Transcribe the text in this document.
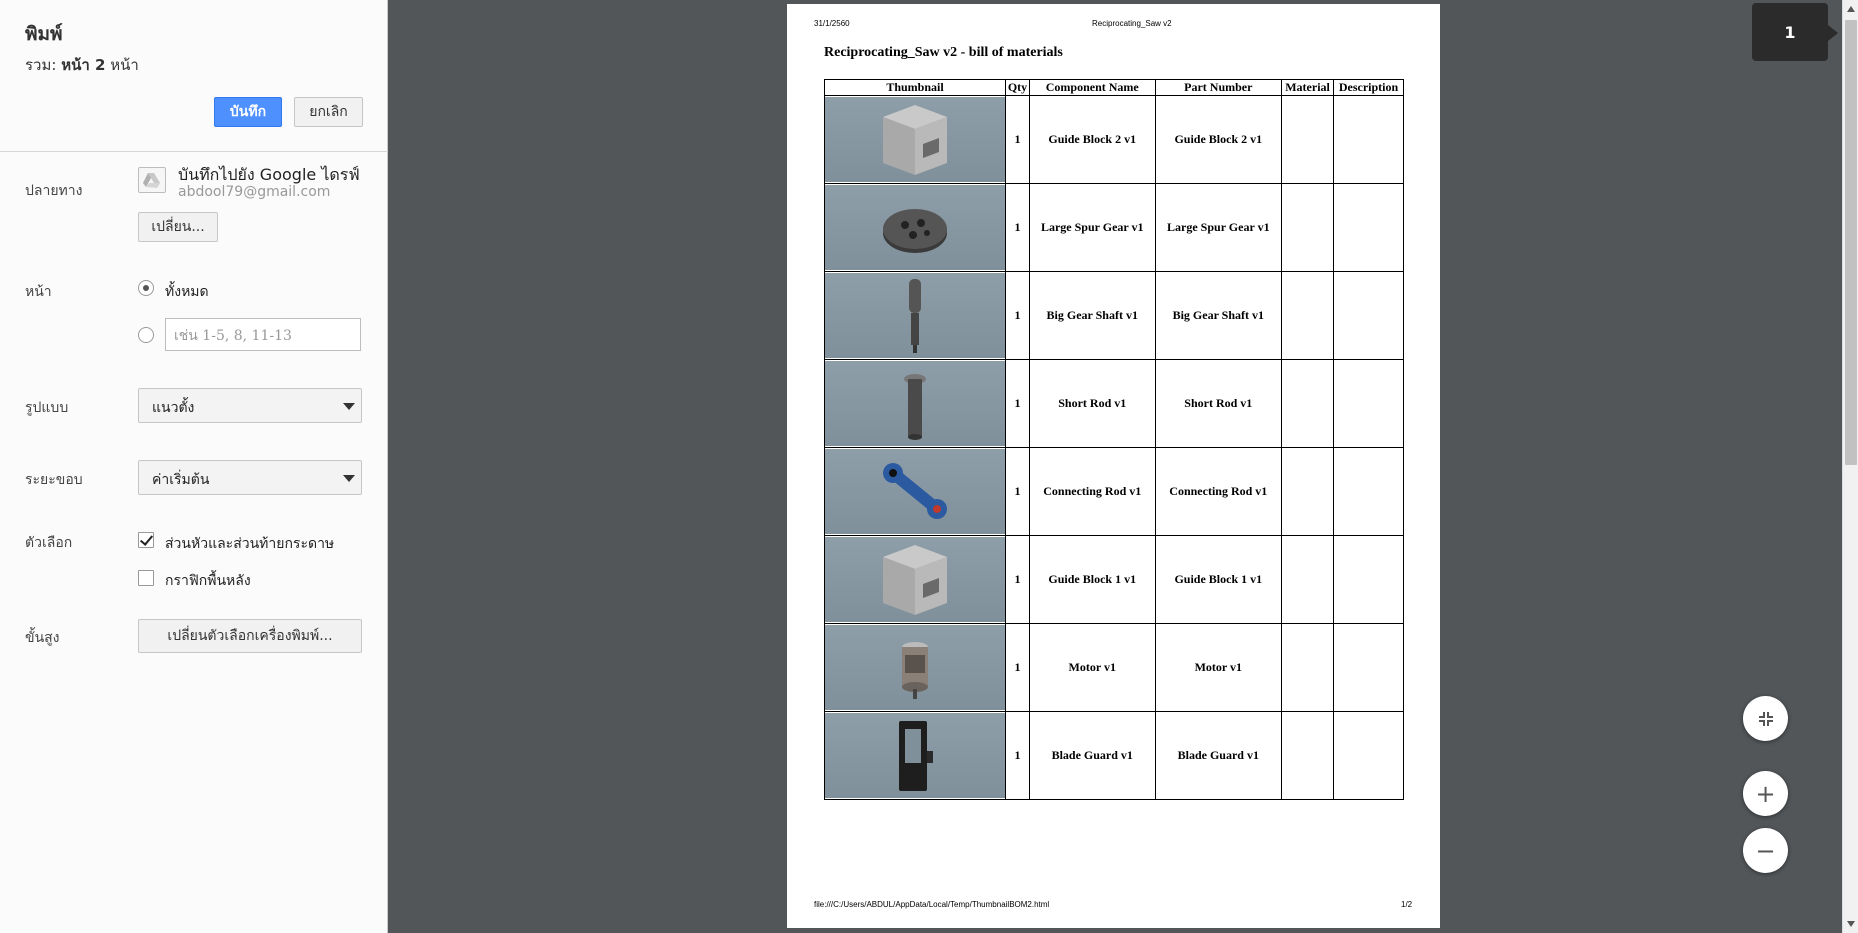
พิมพ์
รวม: หน้า 2 หน้า
บันทึก	ยกเลิก
ปลายทาง
บันทึกไปยัง Google ไดรฟ์
abdool79@gmail.com
เปลี่ยน...
หน้า	ทั้งหมด
เช่น 1-5, 8, 11-13
รูปแบบ	แนวตั้ง
ระยะขอบ	ค่าเริ่มต้น
ตัวเลือก	ส่วนหัวและส่วนท้ายกระดาษ
กราฟิกพื้นหลัง
ขั้นสูง	เปลี่ยนตัวเลือกเครื่องพิมพ์...
31/1/2560	Reciprocating_Saw v2
Reciprocating_Saw v2 - bill of materials
Thumbnail	Qty	Component Name	Part Number	Material	Description

	1	Guide Block 2 v1	Guide Block 2 v1		

	1	Large Spur Gear v1	Large Spur Gear v1		

	1	Big Gear Shaft v1	Big Gear Shaft v1		

	1	Short Rod v1	Short Rod v1		

	1	Connecting Rod v1	Connecting Rod v1		

	1	Guide Block 1 v1	Guide Block 1 v1		

	1	Motor v1	Motor v1		

	1	Blade Guard v1	Blade Guard v1		
file:///C:/Users/ABDUL/AppData/Local/Temp/ThumbnailBOM2.html	1/2
1
+
−
